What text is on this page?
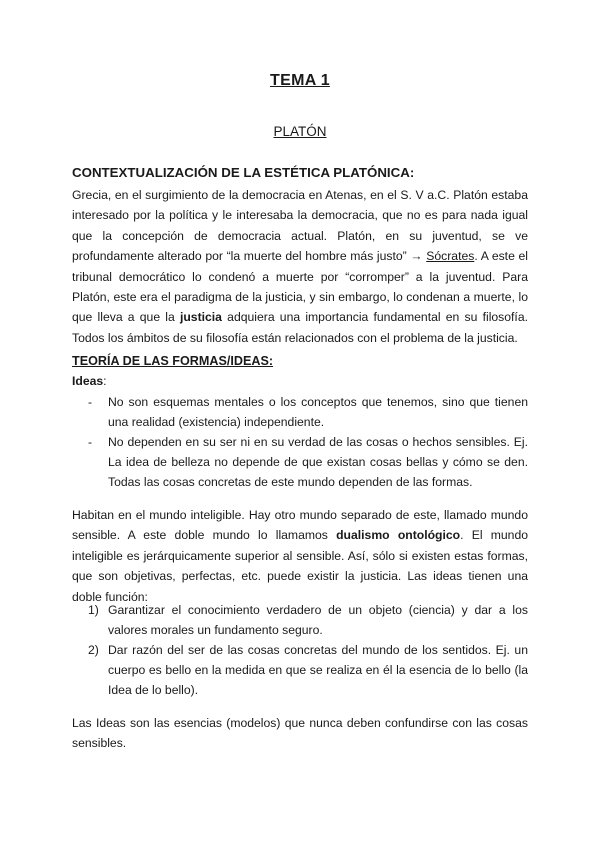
TEMA 1
PLATÓN
CONTEXTUALIZACIÓN DE LA ESTÉTICA PLATÓNICA:

Grecia, en el surgimiento de la democracia en Atenas, en el S. V a.C. Platón estaba interesado por la política y le interesaba la democracia, que no es para nada igual que la concepción de democracia actual. Platón, en su juventud, se ve profundamente alterado por “la muerte del hombre más justo” → Sócrates. A este el tribunal democrático lo condenó a muerte por “corromper” a la juventud. Para Platón, este era el paradigma de la justicia, y sin embargo, lo condenan a muerte, lo que lleva a que la justicia adquiera una importancia fundamental en su filosofía. Todos los ámbitos de su filosofía están relacionados con el problema de la justicia.

TEORÍA DE LAS FORMAS/IDEAS:
Ideas:
- No son esquemas mentales o los conceptos que tenemos, sino que tienen una realidad (existencia) independiente.
- No dependen en su ser ni en su verdad de las cosas o hechos sensibles. Ej. La idea de belleza no depende de que existan cosas bellas y cómo se den. Todas las cosas concretas de este mundo dependen de las formas.

Habitan en el mundo inteligible. Hay otro mundo separado de este, llamado mundo sensible. A este doble mundo lo llamamos dualismo ontológico. El mundo inteligible es jerárquicamente superior al sensible. Así, sólo si existen estas formas, que son objetivas, perfectas, etc. puede existir la justicia. Las ideas tienen una doble función:

1) Garantizar el conocimiento verdadero de un objeto (ciencia) y dar a los valores morales un fundamento seguro.
2) Dar razón del ser de las cosas concretas del mundo de los sentidos. Ej. un cuerpo es bello en la medida en que se realiza en él la esencia de lo bello (la Idea de lo bello).

Las Ideas son las esencias (modelos) que nunca deben confundirse con las cosas sensibles.
